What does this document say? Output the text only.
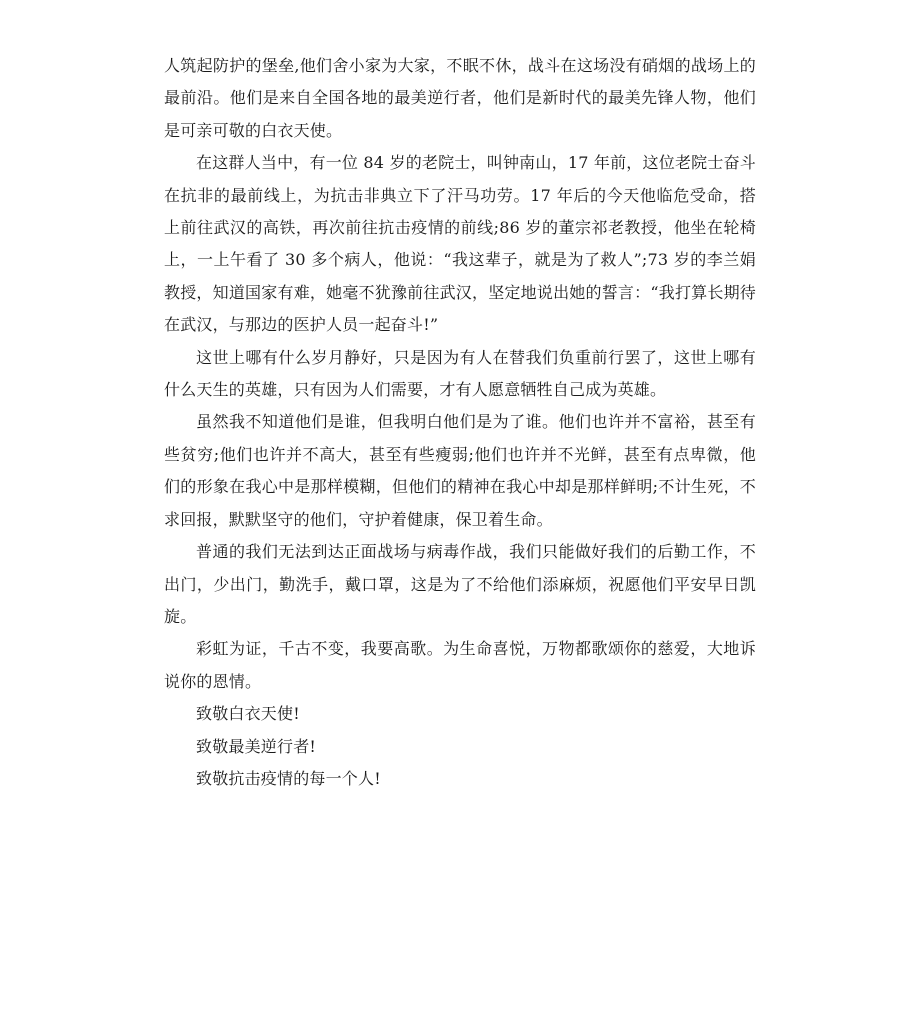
人筑起防护的堡垒,他们舍小家为大家，不眠不休，战斗在这场没有硝烟的战场上的最前沿。他们是来自全国各地的最美逆行者，他们是新时代的最美先锋人物，他们是可亲可敬的白衣天使。

在这群人当中，有一位 84 岁的老院士，叫钟南山，17 年前，这位老院士奋斗在抗非的最前线上，为抗击非典立下了汗马功劳。17 年后的今天他临危受命，搭上前往武汉的高铁，再次前往抗击疫情的前线;86 岁的董宗祁老教授，他坐在轮椅上，一上午看了 30 多个病人，他说：“我这辈子，就是为了救人”;73 岁的李兰娟教授，知道国家有难，她毫不犹豫前往武汉，坚定地说出她的誓言：“我打算长期待在武汉，与那边的医护人员一起奋斗!”

这世上哪有什么岁月静好，只是因为有人在替我们负重前行罢了，这世上哪有什么天生的英雄，只有因为人们需要，才有人愿意牺牲自己成为英雄。

虽然我不知道他们是谁，但我明白他们是为了谁。他们也许并不富裕，甚至有些贫穷;他们也许并不高大，甚至有些瘦弱;他们也许并不光鲜，甚至有点卑微，他们的形象在我心中是那样模糊，但他们的精神在我心中却是那样鲜明;不计生死，不求回报，默默坚守的他们，守护着健康，保卫着生命。

普通的我们无法到达正面战场与病毒作战，我们只能做好我们的后勤工作，不出门，少出门，勤洗手，戴口罩，这是为了不给他们添麻烦，祝愿他们平安早日凯旋。

彩虹为证，千古不变，我要高歌。为生命喜悦，万物都歌颂你的慈爱，大地诉说你的恩情。

致敬白衣天使!

致敬最美逆行者!

致敬抗击疫情的每一个人!
